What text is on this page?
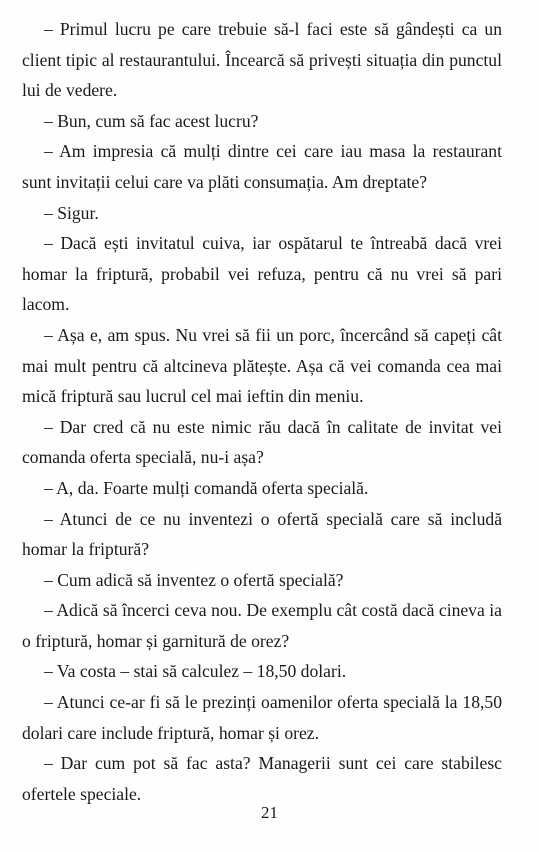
– Primul lucru pe care trebuie să-l faci este să gândești ca un client tipic al restaurantului. Încearcă să privești situația din punctul lui de vedere.

– Bun, cum să fac acest lucru?

– Am impresia că mulți dintre cei care iau masa la restaurant sunt invitații celui care va plăti consumația. Am dreptate?

– Sigur.

– Dacă ești invitatul cuiva, iar ospătarul te întreabă dacă vrei homar la friptură, probabil vei refuza, pentru că nu vrei să pari lacom.

– Așa e, am spus. Nu vrei să fii un porc, încercând să capeți cât mai mult pentru că altcineva plătește. Așa că vei comanda cea mai mică friptură sau lucrul cel mai ieftin din meniu.

– Dar cred că nu este nimic rău dacă în calitate de invitat vei comanda oferta specială, nu-i așa?

– A, da. Foarte mulți comandă oferta specială.

– Atunci de ce nu inventezi o ofertă specială care să includă homar la friptură?

– Cum adică să inventez o ofertă specială?

– Adică să încerci ceva nou. De exemplu cât costă dacă cineva ia o friptură, homar și garnitură de orez?

– Va costa – stai să calculez – 18,50 dolari.

– Atunci ce-ar fi să le prezinți oamenilor oferta specială la 18,50 dolari care include friptură, homar și orez.

– Dar cum pot să fac asta? Managerii sunt cei care stabilesc ofertele speciale.

21
